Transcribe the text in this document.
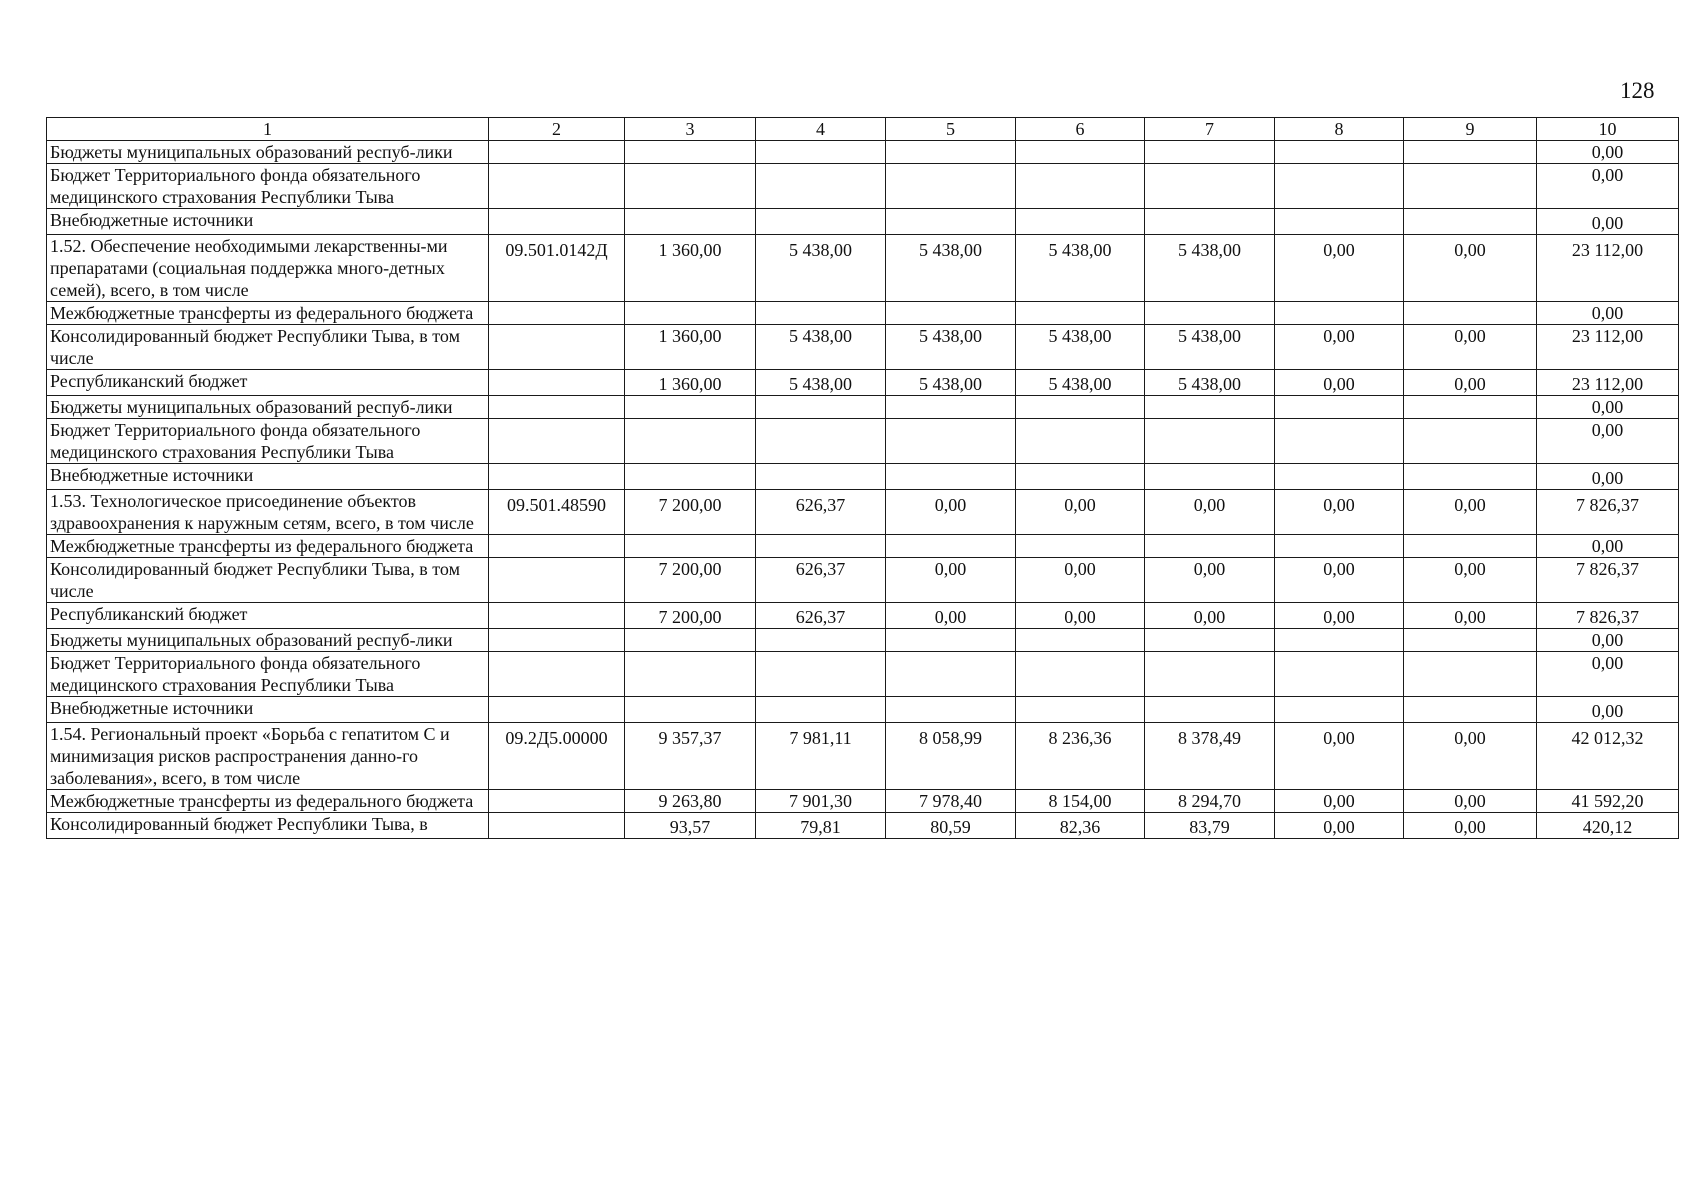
128
1	2	3	4	5	6	7	8	9	10
Бюджеты муниципальных образований респуб-лики									0,00
Бюджет Территориального фонда обязательного медицинского страхования Республики Тыва									0,00
Внебюджетные источники									0,00
1.52. Обеспечение необходимыми лекарственны-ми препаратами (социальная поддержка много-детных семей), всего, в том числе	09.501.0142Д	1 360,00	5 438,00	5 438,00	5 438,00	5 438,00	0,00	0,00	23 112,00
Межбюджетные трансферты из федерального бюджета									0,00
Консолидированный бюджет Республики Тыва, в том числе		1 360,00	5 438,00	5 438,00	5 438,00	5 438,00	0,00	0,00	23 112,00
Республиканский бюджет		1 360,00	5 438,00	5 438,00	5 438,00	5 438,00	0,00	0,00	23 112,00
Бюджеты муниципальных образований респуб-лики									0,00
Бюджет Территориального фонда обязательного медицинского страхования Республики Тыва									0,00
Внебюджетные источники									0,00
1.53. Технологическое присоединение объектов здравоохранения к наружным сетям, всего, в том числе	09.501.48590	7 200,00	626,37	0,00	0,00	0,00	0,00	0,00	7 826,37
Межбюджетные трансферты из федерального бюджета									0,00
Консолидированный бюджет Республики Тыва, в том числе		7 200,00	626,37	0,00	0,00	0,00	0,00	0,00	7 826,37
Республиканский бюджет		7 200,00	626,37	0,00	0,00	0,00	0,00	0,00	7 826,37
Бюджеты муниципальных образований респуб-лики									0,00
Бюджет Территориального фонда обязательного медицинского страхования Республики Тыва									0,00
Внебюджетные источники									0,00
1.54. Региональный проект «Борьба с гепатитом С и минимизация рисков распространения данно-го заболевания», всего, в том числе	09.2Д5.00000	9 357,37	7 981,11	8 058,99	8 236,36	8 378,49	0,00	0,00	42 012,32
Межбюджетные трансферты из федерального бюджета		9 263,80	7 901,30	7 978,40	8 154,00	8 294,70	0,00	0,00	41 592,20
Консолидированный бюджет Республики Тыва, в		93,57	79,81	80,59	82,36	83,79	0,00	0,00	420,12
